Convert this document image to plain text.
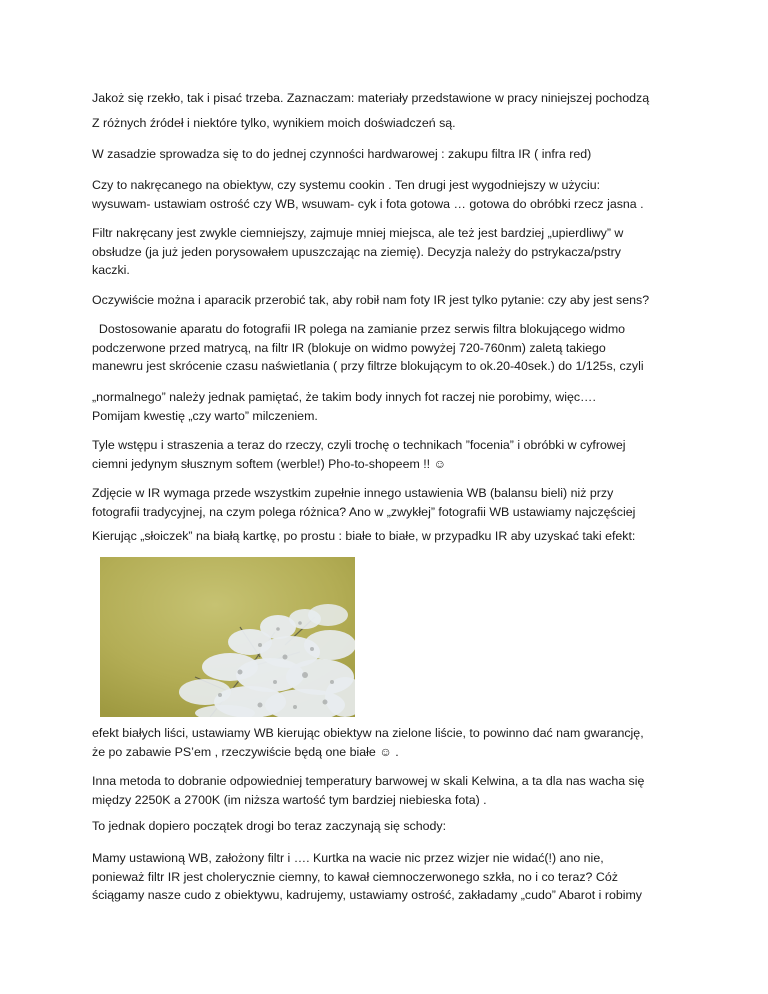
Jakoż się rzekło, tak i pisać trzeba. Zaznaczam: materiały przedstawione w pracy niniejszej pochodzą

Z różnych źródeł i niektóre tylko, wynikiem moich doświadczeń są.

W zasadzie sprowadza się to do jednej czynności hardwarowej : zakupu filtra IR ( infra red)

Czy to nakręcanego na obiektyw, czy systemu cookin . Ten drugi jest wygodniejszy w użyciu:
wysuwam- ustawiam ostrość czy WB, wsuwam- cyk i fota gotowa … gotowa do obróbki rzecz jasna .

Filtr nakręcany jest zwykle ciemniejszy, zajmuje mniej miejsca, ale też jest bardziej „upierdliwy” w
obsłudze (ja już jeden porysowałem upuszczając na ziemię). Decyzja należy do pstrykacza/pstry
kaczki.

Oczywiście można i aparacik przerobić tak, aby robił nam foty IR jest tylko pytanie: czy aby jest sens?

Dostosowanie aparatu do fotografii IR polega na zamianie przez serwis filtra blokującego widmo
podczerwone przed matrycą, na filtr IR (blokuje on widmo powyżej 720-760nm) zaletą takiego
manewru jest skrócenie czasu naświetlania ( przy filtrze blokującym to ok.20-40sek.) do 1/125s, czyli

„normalnego” należy jednak pamiętać, że takim body innych fot raczej nie porobimy, więc….
Pomijam kwestię „czy warto” milczeniem.

Tyle wstępu i straszenia a teraz do rzeczy, czyli trochę o technikach ”focenia” i obróbki w cyfrowej
ciemni jedynym słusznym softem (werble!) Pho-to-shopeem !! ☺

Zdjęcie w IR wymaga przede wszystkim zupełnie innego ustawienia WB (balansu bieli) niż przy
fotografii tradycyjnej, na czym polega różnica? Ano w „zwykłej” fotografii WB ustawiamy najczęściej

Kierując „słoiczek” na białą kartkę, po prostu : białe to białe, w przypadku IR aby uzyskać taki efekt:

efekt białych liści, ustawiamy WB kierując obiektyw na zielone liście, to powinno dać nam gwarancję,
że po zabawie PS’em , rzeczywiście będą one białe ☺ .

Inna metoda to dobranie odpowiedniej temperatury barwowej w skali Kelwina, a ta dla nas wacha się
między 2250K a 2700K (im niższa wartość tym bardziej niebieska fota) .

To jednak dopiero początek drogi bo teraz zaczynają się schody:

Mamy ustawioną WB, założony filtr i …. Kurtka na wacie nic przez wizjer nie widać(!) ano nie,
ponieważ filtr IR jest cholerycznie ciemny, to kawał ciemnoczerwonego szkła, no i co teraz? Cóż
ściągamy nasze cudo z obiektywu, kadrujemy, ustawiamy ostrość, zakładamy „cudo” Abarot i robimy
